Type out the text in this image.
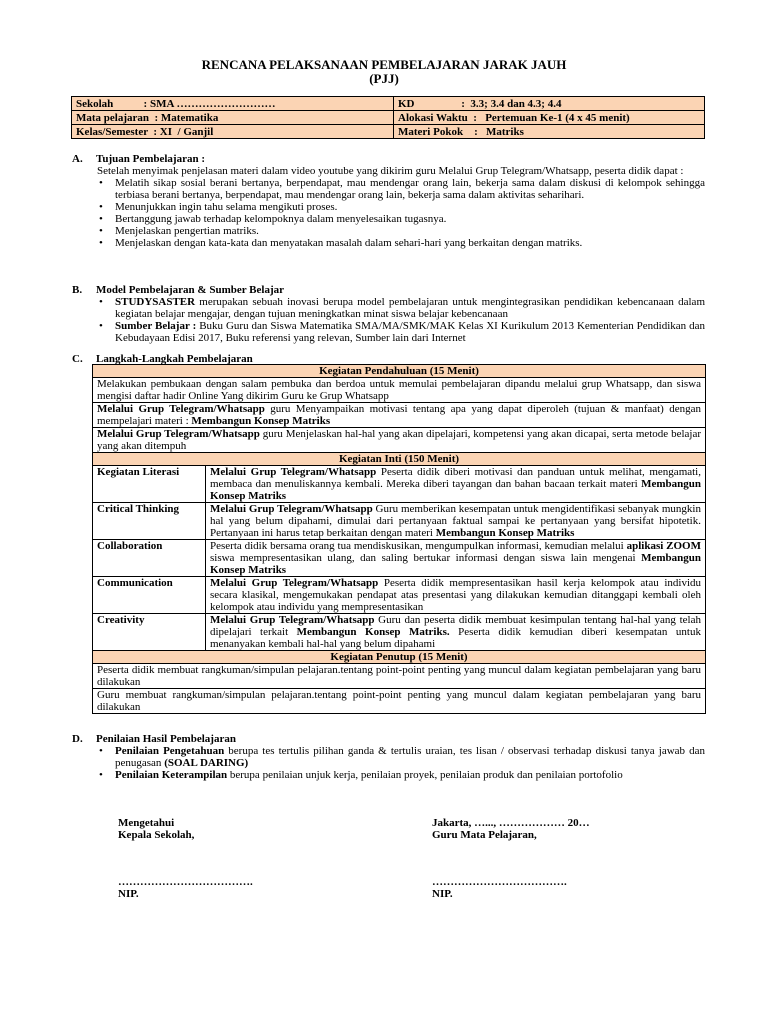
RENCANA PELAKSANAAN PEMBELAJARAN JARAK JAUH
(PJJ)
Sekolah           : SMA ………………………	KD                 :  3.3; 3.4 dan 4.3; 4.4
Mata pelajaran  : Matematika	Alokasi Waktu  :   Pertemuan Ke-1 (4 x 45 menit)
Kelas/Semester  : XI  / Ganjil	Materi Pokok    :   Matriks
A. Tujuan Pembelajaran :
Setelah menyimak penjelasan materi dalam video youtube yang dikirim guru Melalui Grup Telegram/Whatsapp, peserta didik dapat :
• Melatih sikap sosial berani bertanya, berpendapat, mau mendengar orang lain, bekerja sama dalam diskusi di kelompok sehingga terbiasa berani bertanya, berpendapat, mau mendengar orang lain, bekerja sama dalam aktivitas seharihari.
• Menunjukkan ingin tahu selama mengikuti proses.
• Bertanggung jawab terhadap kelompoknya dalam menyelesaikan tugasnya.
• Menjelaskan pengertian matriks.
• Menjelaskan dengan kata-kata dan menyatakan masalah dalam sehari-hari yang berkaitan dengan matriks.
B. Model Pembelajaran & Sumber Belajar
• STUDYSASTER merupakan sebuah inovasi berupa model pembelajaran untuk mengintegrasikan pendidikan kebencanaan dalam kegiatan belajar mengajar, dengan tujuan meningkatkan minat siswa belajar kebencanaan
• Sumber Belajar : Buku Guru dan Siswa Matematika SMA/MA/SMK/MAK Kelas XI Kurikulum 2013 Kementerian Pendidikan dan Kebudayaan Edisi 2017, Buku referensi yang relevan, Sumber lain dari Internet
C. Langkah-Langkah Pembelajaran
Kegiatan Pendahuluan (15 Menit)	
Melakukan pembukaan dengan salam pembuka dan berdoa untuk memulai pembelajaran dipandu melalui grup Whatsapp, dan siswa mengisi daftar hadir Online Yang dikirim Guru ke Grup Whatsapp	
Melalui Grup Telegram/Whatsapp guru Menyampaikan motivasi tentang apa yang dapat diperoleh (tujuan & manfaat) dengan mempelajari materi : Membangun Konsep Matriks	
Melalui Grup Telegram/Whatsapp guru Menjelaskan hal-hal yang akan dipelajari, kompetensi yang akan dicapai, serta metode belajar yang akan ditempuh	
Kegiatan Inti (150 Menit)	
Kegiatan Literasi	Melalui Grup Telegram/Whatsapp Peserta didik diberi motivasi dan panduan untuk melihat, mengamati, membaca dan menuliskannya kembali. Mereka diberi tayangan dan bahan bacaan terkait materi Membangun Konsep Matriks
Critical Thinking	Melalui Grup Telegram/Whatsapp Guru memberikan kesempatan untuk mengidentifikasi sebanyak mungkin hal yang belum dipahami, dimulai dari pertanyaan faktual sampai ke pertanyaan yang bersifat hipotetik. Pertanyaan ini harus tetap berkaitan dengan materi Membangun Konsep Matriks
Collaboration	Peserta didik bersama orang tua mendiskusikan, mengumpulkan informasi, kemudian melalui aplikasi ZOOM siswa mempresentasikan ulang, dan saling bertukar informasi dengan siswa lain mengenai Membangun Konsep Matriks
Communication	Melalui Grup Telegram/Whatsapp Peserta didik mempresentasikan hasil kerja kelompok atau individu secara klasikal, mengemukakan pendapat atas presentasi yang dilakukan kemudian ditanggapi kembali oleh kelompok atau individu yang mempresentasikan
Creativity	Melalui Grup Telegram/Whatsapp Guru dan peserta didik membuat kesimpulan tentang hal-hal yang telah dipelajari terkait Membangun Konsep Matriks. Peserta didik kemudian diberi kesempatan untuk menanyakan kembali hal-hal yang belum dipahami
Kegiatan Penutup (15 Menit)	
Peserta didik membuat rangkuman/simpulan pelajaran.tentang point-point penting yang muncul dalam kegiatan pembelajaran yang baru dilakukan	
Guru membuat rangkuman/simpulan pelajaran.tentang point-point penting yang muncul dalam kegiatan pembelajaran yang baru dilakukan	
D. Penilaian Hasil Pembelajaran
• Penilaian Pengetahuan berupa tes tertulis pilihan ganda & tertulis uraian, tes lisan / observasi terhadap diskusi tanya jawab dan penugasan (SOAL DARING)
• Penilaian Keterampilan berupa penilaian unjuk kerja, penilaian proyek, penilaian produk dan penilaian portofolio
Mengetahui
Kepala Sekolah,
……………………………….
NIP.
Jakarta, …..., ……………… 20…
Guru Mata Pelajaran,
……………………………….
NIP.
